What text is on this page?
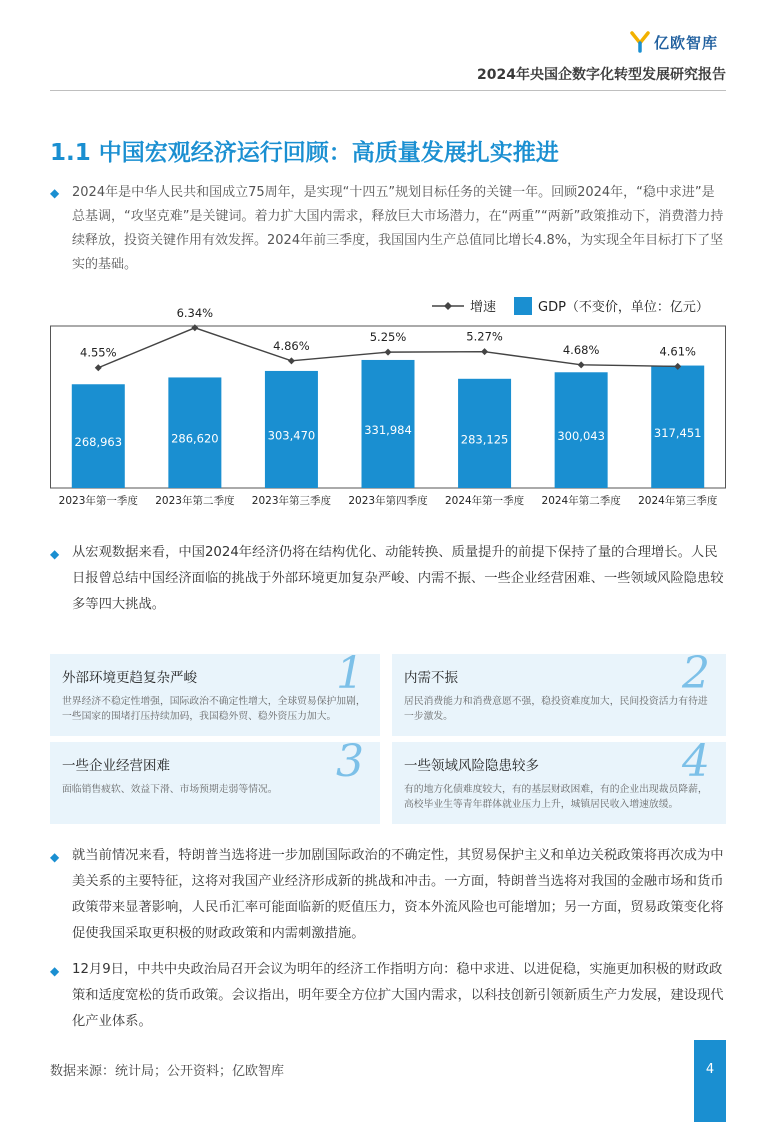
亿欧智库
2024年央国企数字化转型发展研究报告
1.1 中国宏观经济运行回顾：高质量发展扎实推进
◆ 2024年是中华人民共和国成立75周年，是实现“十四五”规划目标任务的关键一年。回顾2024年，“稳中求进”是总基调，“攻坚克难”是关键词。着力扩大国内需求，释放巨大市场潜力，在“两重”“两新”政策推动下，消费潜力持续释放，投资关键作用有效发挥。2024年前三季度，我国国内生产总值同比增长4.8%，为实现全年目标打下了坚实的基础。
增速	GDP（不变价，单位：亿元）
268,963
2023年第一季度
286,620
2023年第二季度
303,470
2023年第三季度
331,984
2023年第四季度
283,125
2024年第一季度
300,043
2024年第二季度
317,451
2024年第三季度
4.55%
6.34%
4.86%
5.25%	5.27%
4.68%	4.61%
◆ 从宏观数据来看，中国2024年经济仍将在结构优化、动能转换、质量提升的前提下保持了量的合理增长。人民日报曾总结中国经济面临的挑战于外部环境更加复杂严峻、内需不振、一些企业经营困难、一些领域风险隐患较多等四大挑战。
外部环境更趋复杂严峻	1
世界经济不稳定性增强，国际政治不确定性增大，全球贸易保护加剧，一些国家的围堵打压持续加码，我国稳外贸、稳外资压力加大。
内需不振	2
居民消费能力和消费意愿不强，稳投资难度加大，民间投资活力有待进一步激发。
一些企业经营困难	3
面临销售疲软、效益下滑、市场预期走弱等情况。
一些领域风险隐患较多	4
有的地方化债难度较大，有的基层财政困难，有的企业出现裁员降薪，高校毕业生等青年群体就业压力上升，城镇居民收入增速放缓。
◆ 就当前情况来看，特朗普当选将进一步加剧国际政治的不确定性，其贸易保护主义和单边关税政策将再次成为中美关系的主要特征，这将对我国产业经济形成新的挑战和冲击。一方面，特朗普当选将对我国的金融市场和货币政策带来显著影响，人民币汇率可能面临新的贬值压力，资本外流风险也可能增加；另一方面，贸易政策变化将促使我国采取更积极的财政政策和内需刺激措施。
◆ 12月9日，中共中央政治局召开会议为明年的经济工作指明方向：稳中求进、以进促稳，实施更加积极的财政政策和适度宽松的货币政策。会议指出，明年要全方位扩大国内需求，以科技创新引领新质生产力发展，建设现代化产业体系。
数据来源：统计局；公开资料；亿欧智库	4
